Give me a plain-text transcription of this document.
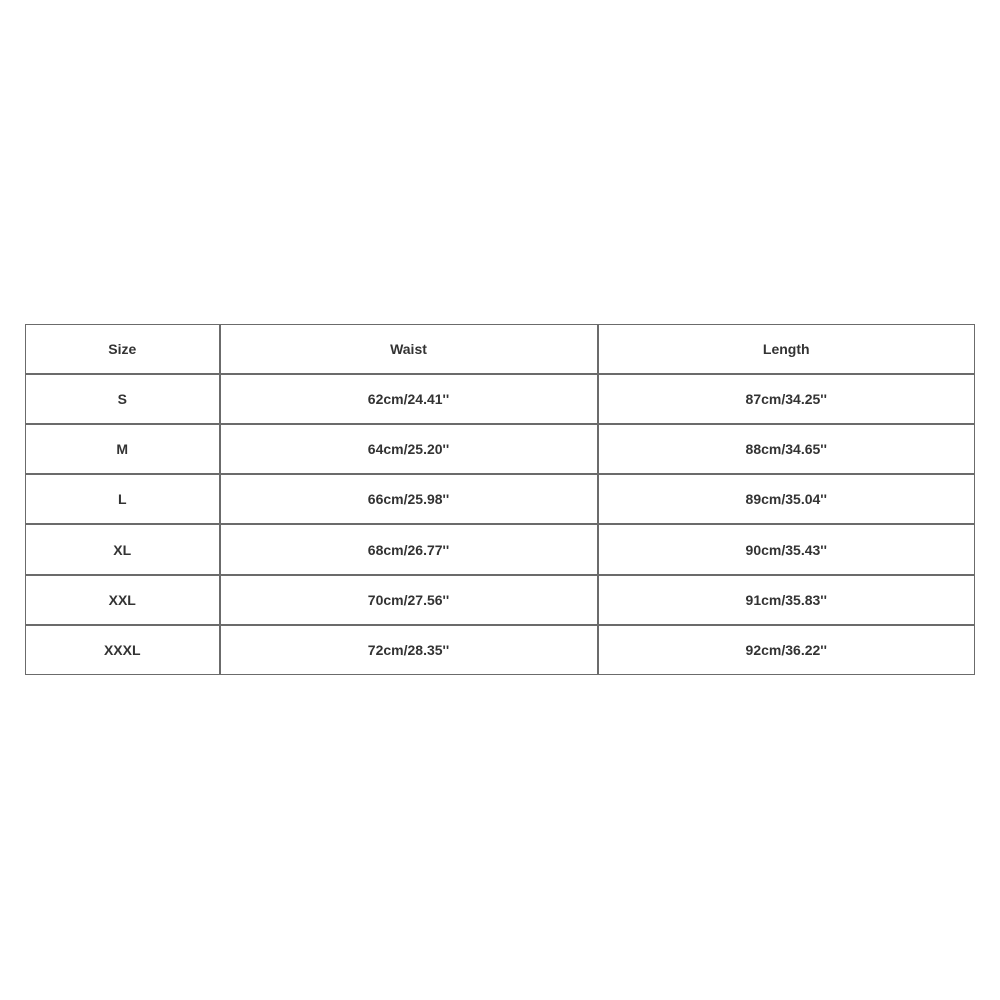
Size	Waist	Length
S	62cm/24.41''	87cm/34.25''
M	64cm/25.20''	88cm/34.65''
L	66cm/25.98''	89cm/35.04''
XL	68cm/26.77''	90cm/35.43''
XXL	70cm/27.56''	91cm/35.83''
XXXL	72cm/28.35''	92cm/36.22''
